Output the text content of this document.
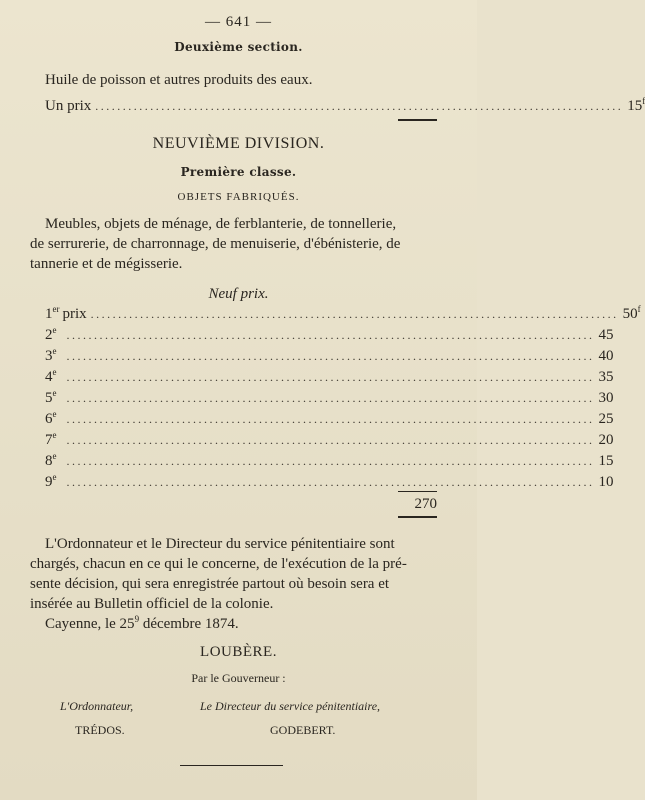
— 641 —
Deuxième section.
Huile de poisson et autres produits des eaux.
Un prix ................................................................................................ 15$^f$
NEUVIÈME DIVISION.
Première classe.
OBJETS FABRIQUÉS.
Meubles, objets de ménage, de ferblanterie, de tonnellerie,
de serrurerie, de charronnage, de menuiserie, d'ébénisterie, de
tannerie et de mégisserie.
Neuf prix.
1er prix ................................................................................................ 50$^f$
2e ................................................................................................ 45
3e ................................................................................................ 40
4e ................................................................................................ 35
5e ................................................................................................ 30
6e ................................................................................................ 25
7e ................................................................................................ 20
8e ................................................................................................ 15
9e ................................................................................................ 10
270
L'Ordonnateur et le Directeur du service pénitentiaire sont
chargés, chacun en ce qui le concerne, de l'exécution de la pré-
sente décision, qui sera enregistrée partout où besoin sera et
insérée au Bulletin officiel de la colonie.
Cayenne, le $25^9$ décembre 1874.
LOUBÈRE.
Par le Gouverneur :
L'Ordonnateur,	Le Directeur du service pénitentiaire,
TRÉDOS.	GODEBERT.
